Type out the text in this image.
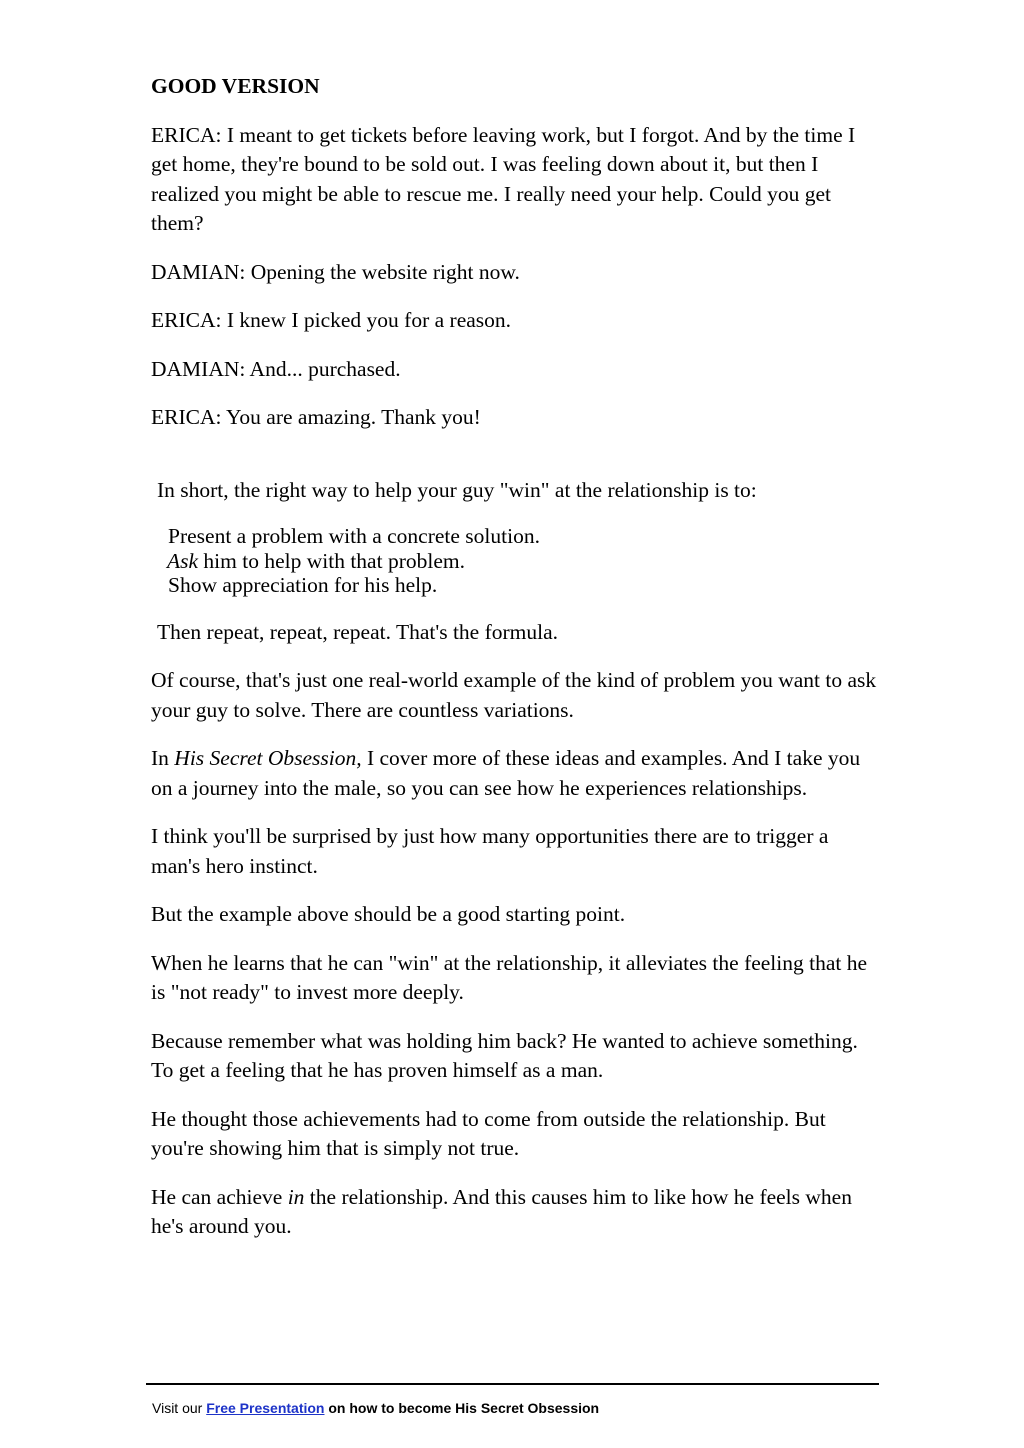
GOOD VERSION

ERICA: I meant to get tickets before leaving work, but I forgot. And by the time I get home, they're bound to be sold out. I was feeling down about it, but then I realized you might be able to rescue me. I really need your help. Could you get them?

DAMIAN: Opening the website right now.

ERICA: I knew I picked you for a reason.

DAMIAN: And... purchased.

ERICA: You are amazing. Thank you!

In short, the right way to help your guy "win" at the relationship is to:

Present a problem with a concrete solution.
Ask him to help with that problem.
Show appreciation for his help.

Then repeat, repeat, repeat. That's the formula.

Of course, that's just one real-world example of the kind of problem you want to ask your guy to solve. There are countless variations.

In His Secret Obsession, I cover more of these ideas and examples. And I take you on a journey into the male, so you can see how he experiences relationships.

I think you'll be surprised by just how many opportunities there are to trigger a man's hero instinct.

But the example above should be a good starting point.

When he learns that he can "win" at the relationship, it alleviates the feeling that he is "not ready" to invest more deeply.

Because remember what was holding him back? He wanted to achieve something. To get a feeling that he has proven himself as a man.

He thought those achievements had to come from outside the relationship. But you're showing him that is simply not true.

He can achieve in the relationship. And this causes him to like how he feels when he's around you.

Visit our Free Presentation on how to become His Secret Obsession
